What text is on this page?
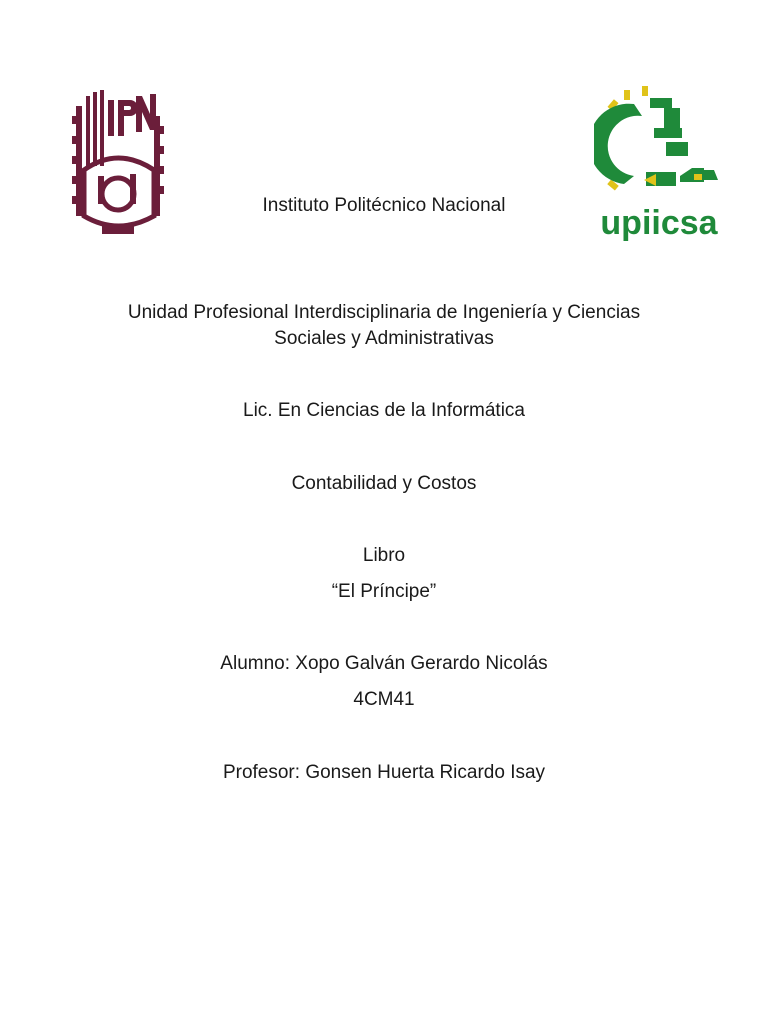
upiicsa
Instituto Politécnico Nacional
Unidad Profesional Interdisciplinaria de Ingeniería y Ciencias
Sociales y Administrativas
Lic. En Ciencias de la Informática
Contabilidad y Costos
Libro
“El Príncipe”
Alumno: Xopo Galván Gerardo Nicolás
4CM41
Profesor: Gonsen Huerta Ricardo Isay
